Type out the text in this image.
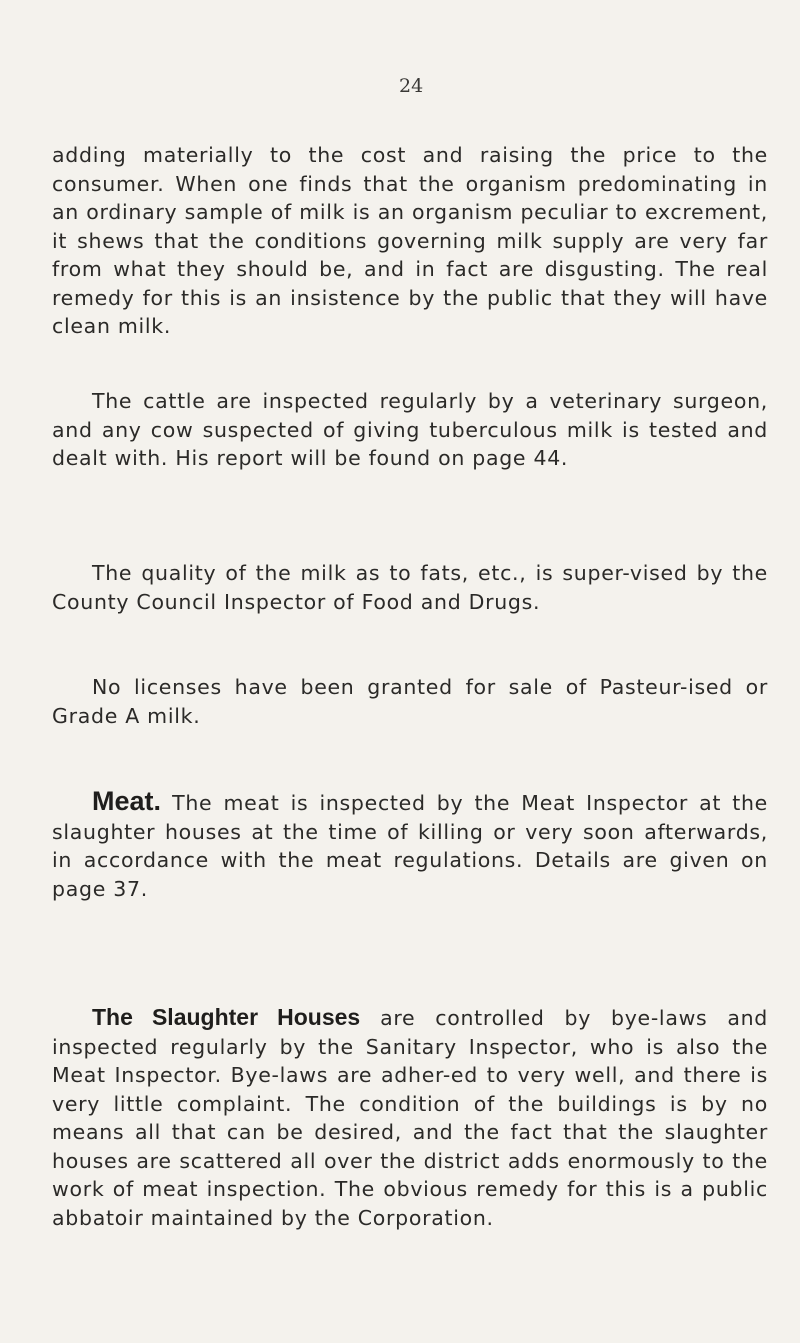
24

adding materially to the cost and raising the price to the consumer. When one finds that the organism predominating in an ordinary sample of milk is an organism peculiar to excrement, it shews that the conditions governing milk supply are very far from what they should be, and in fact are disgusting. The real remedy for this is an insistence by the public that they will have clean milk.

The cattle are inspected regularly by a veterinary surgeon, and any cow suspected of giving tuberculous milk is tested and dealt with. His report will be found on page 44.

The quality of the milk as to fats, etc., is super-vised by the County Council Inspector of Food and Drugs.

No licenses have been granted for sale of Pasteur-ised or Grade A milk.

Meat. The meat is inspected by the Meat Inspector at the slaughter houses at the time of killing or very soon afterwards, in accordance with the meat regulations. Details are given on page 37.

The Slaughter Houses are controlled by bye-laws and inspected regularly by the Sanitary Inspector, who is also the Meat Inspector. Bye-laws are adher-ed to very well, and there is very little complaint. The condition of the buildings is by no means all that can be desired, and the fact that the slaughter houses are scattered all over the district adds enormously to the work of meat inspection. The obvious remedy for this is a public abbatoir maintained by the Corporation.
